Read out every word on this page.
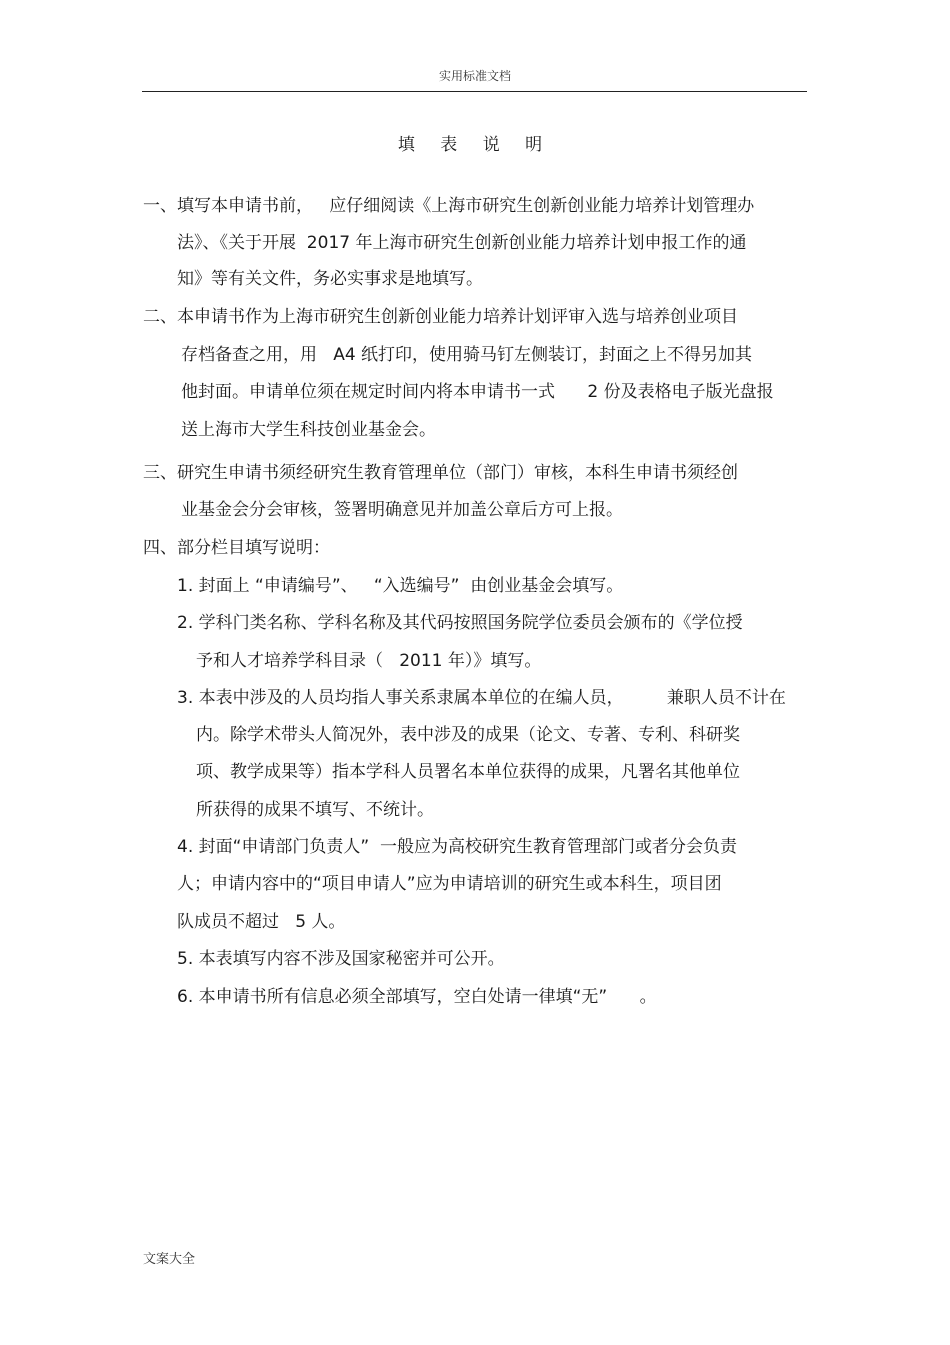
实用标准文档
填 表 说 明
一、填写本申请书前，   应仔细阅读《上海市研究生创新创业能力培养计划管理办
法》、《关于开展  2017 年上海市研究生创新创业能力培养计划申报工作的通
知》等有关文件，务必实事求是地填写。
二、本申请书作为上海市研究生创新创业能力培养计划评审入选与培养创业项目
存档备查之用，用   A4 纸打印，使用骑马钉左侧装订，封面之上不得另加其
他封面。申请单位须在规定时间内将本申请书一式      2 份及表格电子版光盘报
送上海市大学生科技创业基金会。
三、研究生申请书须经研究生教育管理单位（部门）审核，本科生申请书须经创
业基金会分会审核，签署明确意见并加盖公章后方可上报。
四、部分栏目填写说明：
1. 封面上 “申请编号”、   “入选编号”  由创业基金会填写。
2. 学科门类名称、学科名称及其代码按照国务院学位委员会颁布的《学位授
予和人才培养学科目录（   2011 年）》填写。
3. 本表中涉及的人员均指人事关系隶属本单位的在编人员，        兼职人员不计在
内。除学术带头人简况外，表中涉及的成果（论文、专著、专利、科研奖
项、教学成果等）指本学科人员署名本单位获得的成果，凡署名其他单位
所获得的成果不填写、不统计。
4. 封面“申请部门负责人”  一般应为高校研究生教育管理部门或者分会负责
人；申请内容中的“项目申请人”应为申请培训的研究生或本科生，项目团
队成员不超过   5 人。
5. 本表填写内容不涉及国家秘密并可公开。
6. 本申请书所有信息必须全部填写，空白处请一律填“无”      。
文案大全
